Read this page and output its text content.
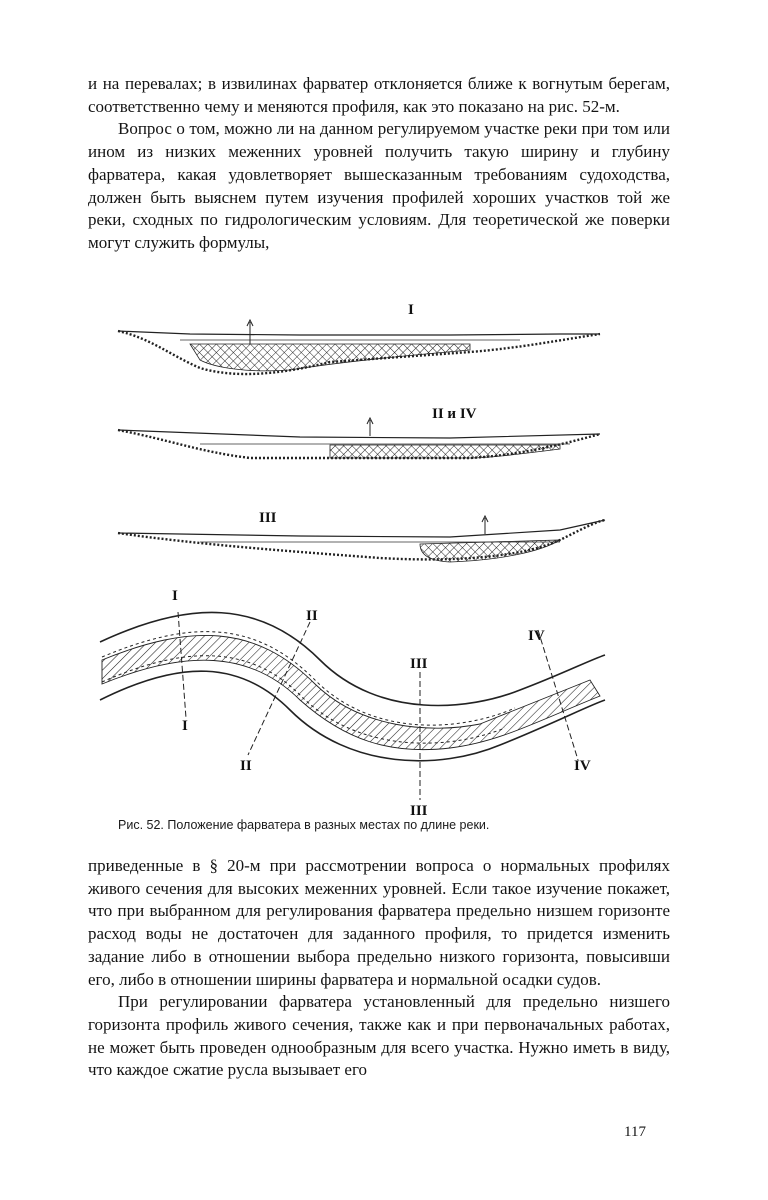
и на перевалах; в извилинах фарватер отклоняется ближе к вогнутым берегам, соответственно чему и меняются профиля, как это показано на рис. 52-м.

Вопрос о том, можно ли на данном регулируемом участке реки при том или ином из низких меженних уровней получить такую ширину и глубину фарватера, какая удовлетворяет вышесказанным требованиям судоходства, должен быть выяснем путем изучения профилей хороших участков той же реки, сходных по гидрологическим условиям. Для теоретической же поверки могут служить формулы,

I
II и IV
III
I
I
II
II
III
III
IV
IV
Рис. 52. Положение фарватера в разных местах по длине реки.

приведенные в § 20-м при рассмотрении вопроса о нормальных профилях живого сечения для высоких меженних уровней. Если такое изучение покажет, что при выбранном для регулирования фарватера предельно низшем горизонте расход воды не достаточен для заданного профиля, то придется изменить задание либо в отношении выбора предельно низкого горизонта, повысивши его, либо в отношении ширины фарватера и нормальной осадки судов.

При регулировании фарватера установленный для предельно низшего горизонта профиль живого сечения, также как и при первоначальных работах, не может быть проведен однообразным для всего участка. Нужно иметь в виду, что каждое сжатие русла вызывает его

117
